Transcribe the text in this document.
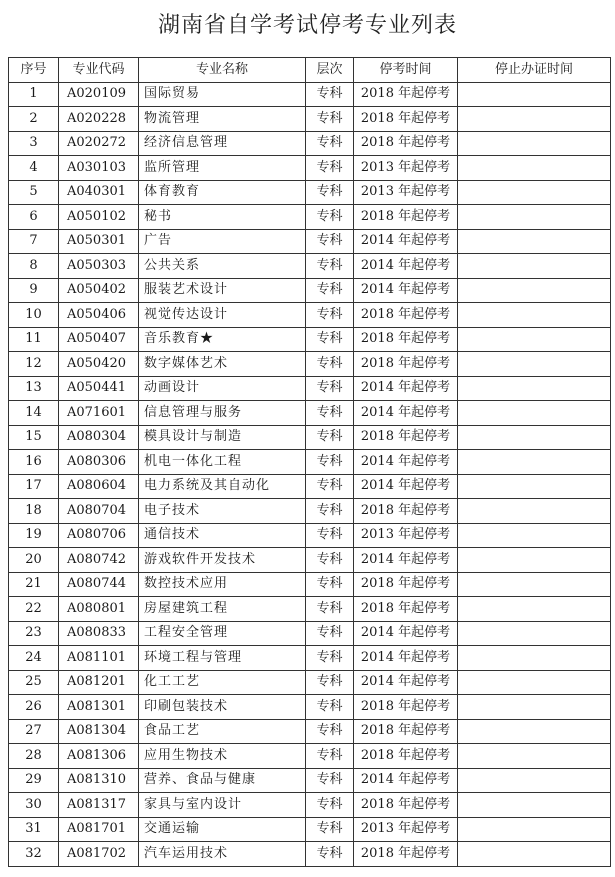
湖南省自学考试停考专业列表
序号	专业代码	专业名称	层次	停考时间	停止办证时间
1	A020109	国际贸易	专科	2018 年起停考	
2	A020228	物流管理	专科	2018 年起停考	
3	A020272	经济信息管理	专科	2018 年起停考	
4	A030103	监所管理	专科	2013 年起停考	
5	A040301	体育教育	专科	2013 年起停考	
6	A050102	秘书	专科	2018 年起停考	
7	A050301	广告	专科	2014 年起停考	
8	A050303	公共关系	专科	2014 年起停考	
9	A050402	服装艺术设计	专科	2014 年起停考	
10	A050406	视觉传达设计	专科	2018 年起停考	
11	A050407	音乐教育★	专科	2018 年起停考	
12	A050420	数字媒体艺术	专科	2018 年起停考	
13	A050441	动画设计	专科	2014 年起停考	
14	A071601	信息管理与服务	专科	2014 年起停考	
15	A080304	模具设计与制造	专科	2018 年起停考	
16	A080306	机电一体化工程	专科	2014 年起停考	
17	A080604	电力系统及其自动化	专科	2014 年起停考	
18	A080704	电子技术	专科	2018 年起停考	
19	A080706	通信技术	专科	2013 年起停考	
20	A080742	游戏软件开发技术	专科	2014 年起停考	
21	A080744	数控技术应用	专科	2018 年起停考	
22	A080801	房屋建筑工程	专科	2018 年起停考	
23	A080833	工程安全管理	专科	2014 年起停考	
24	A081101	环境工程与管理	专科	2014 年起停考	
25	A081201	化工工艺	专科	2014 年起停考	
26	A081301	印刷包装技术	专科	2018 年起停考	
27	A081304	食品工艺	专科	2018 年起停考	
28	A081306	应用生物技术	专科	2018 年起停考	
29	A081310	营养、食品与健康	专科	2014 年起停考	
30	A081317	家具与室内设计	专科	2018 年起停考	
31	A081701	交通运输	专科	2013 年起停考	
32	A081702	汽车运用技术	专科	2018 年起停考	
